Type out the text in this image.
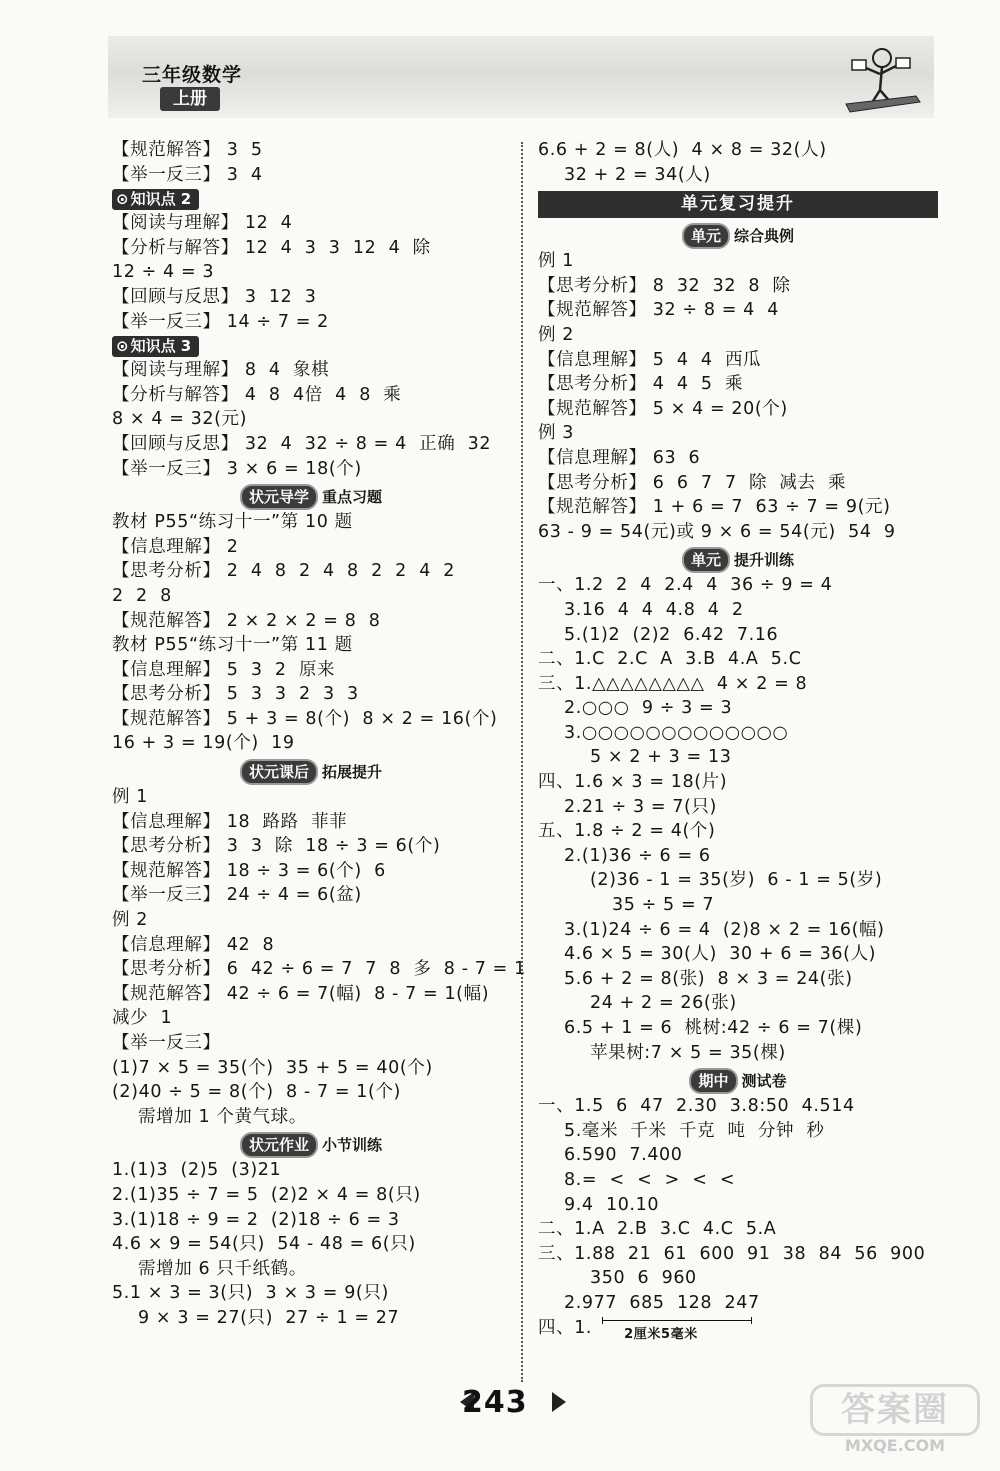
三年级数学
上册
【规范解答】 3  5
【举一反三】 3  4
⊙ 知识点 2
【阅读与理解】 12  4
【分析与解答】 12  4  3  3  12  4  除
12 ÷ 4 = 3
【回顾与反思】 3  12  3
【举一反三】 14 ÷ 7 = 2
⊙ 知识点 3
【阅读与理解】 8  4  象棋
【分析与解答】 4  8  4倍  4  8  乘
8 × 4 = 32(元)
【回顾与反思】 32  4  32 ÷ 8 = 4  正确  32
【举一反三】 3 × 6 = 18(个)
状元导学 重点习题
教材 P55“练习十一”第 10 题
【信息理解】 2
【思考分析】 2  4  8  2  4  8  2  2  4  2
2  2  8
【规范解答】 2 × 2 × 2 = 8  8
教材 P55“练习十一”第 11 题
【信息理解】 5  3  2  原来
【思考分析】 5  3  3  2  3  3
【规范解答】 5 + 3 = 8(个)  8 × 2 = 16(个)
16 + 3 = 19(个)  19
状元课后 拓展提升
例 1
【信息理解】 18  路路  菲菲
【思考分析】 3  3  除  18 ÷ 3 = 6(个)
【规范解答】 18 ÷ 3 = 6(个)  6
【举一反三】 24 ÷ 4 = 6(盆)
例 2
【信息理解】 42  8
【思考分析】 6  42 ÷ 6 = 7  7  8  多  8 - 7 = 1
【规范解答】 42 ÷ 6 = 7(幅)  8 - 7 = 1(幅)
减少  1
【举一反三】
(1)7 × 5 = 35(个)  35 + 5 = 40(个)
(2)40 ÷ 5 = 8(个)  8 - 7 = 1(个)
需增加 1 个黄气球。
状元作业 小节训练
1.(1)3  (2)5  (3)21
2.(1)35 ÷ 7 = 5  (2)2 × 4 = 8(只)
3.(1)18 ÷ 9 = 2  (2)18 ÷ 6 = 3
4.6 × 9 = 54(只)  54 - 48 = 6(只)
需增加 6 只千纸鹤。
5.1 × 3 = 3(只)  3 × 3 = 9(只)
9 × 3 = 27(只)  27 ÷ 1 = 27
6.6 + 2 = 8(人)  4 × 8 = 32(人)
32 + 2 = 34(人)
单元复习提升
单元 综合典例
例 1
【思考分析】 8  32  32  8  除
【规范解答】 32 ÷ 8 = 4  4
例 2
【信息理解】 5  4  4  西瓜
【思考分析】 4  4  5  乘
【规范解答】 5 × 4 = 20(个)
例 3
【信息理解】 63  6
【思考分析】 6  6  7  7  除  减去  乘
【规范解答】 1 + 6 = 7  63 ÷ 7 = 9(元)
63 - 9 = 54(元)或 9 × 6 = 54(元)  54  9
单元 提升训练
一、1.2  2  4  2.4  4  36 ÷ 9 = 4
3.16  4  4  4.8  4  2
5.(1)2  (2)2  6.42  7.16
二、1.C  2.C  A  3.B  4.A  5.C
三、1.△△△△△△△△  4 × 2 = 8
2.○○○  9 ÷ 3 = 3
3.○○○○○○○○○○○○○
5 × 2 + 3 = 13
四、1.6 × 3 = 18(片)
2.21 ÷ 3 = 7(只)
五、1.8 ÷ 2 = 4(个)
2.(1)36 ÷ 6 = 6
(2)36 - 1 = 35(岁)  6 - 1 = 5(岁)
35 ÷ 5 = 7
3.(1)24 ÷ 6 = 4  (2)8 × 2 = 16(幅)
4.6 × 5 = 30(人)  30 + 6 = 36(人)
5.6 + 2 = 8(张)  8 × 3 = 24(张)
24 + 2 = 26(张)
6.5 + 1 = 6  桃树:42 ÷ 6 = 7(棵)
苹果树:7 × 5 = 35(棵)
期中 测试卷
一、1.5  6  47  2.30  3.8:50  4.514
5.毫米  千米  千克  吨  分钟  秒
6.590  7.400
8.=  <  <  >  <  <
9.4  10.10
二、1.A  2.B  3.C  4.C  5.A
三、1.88  21  61  600  91  38  84  56  900
350  6  960
2.977  685  128  247
四、1. 2厘米5毫米
243	答案圈
MXQE.COM
